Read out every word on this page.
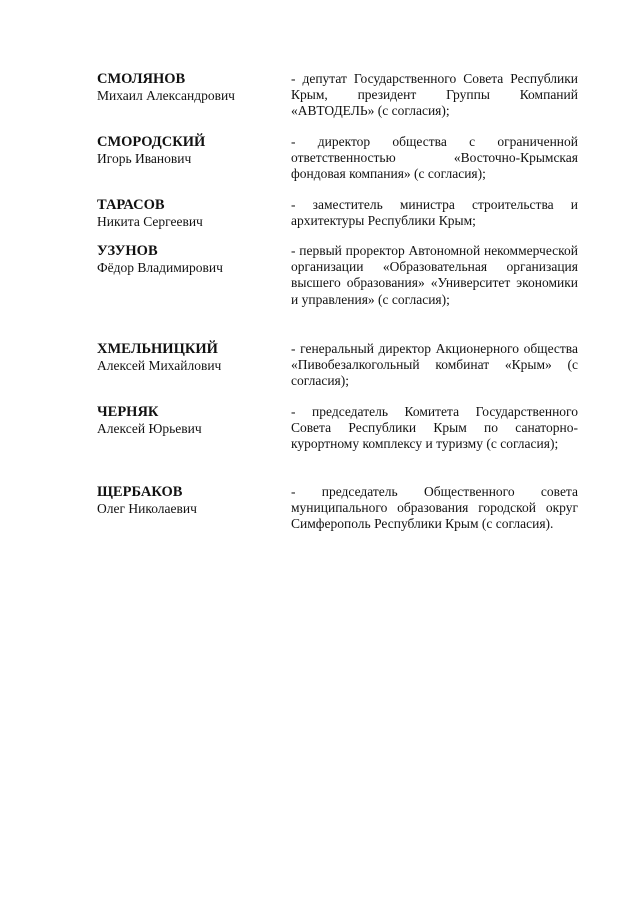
СМОЛЯНОВ
Михаил Александрович
- депутат Государственного Совета Республики Крым, президент Группы Компаний «АВТОДЕЛЬ» (с согласия);
СМОРОДСКИЙ
Игорь Иванович
- директор общества с ограниченной ответственностью «Восточно-Крымская фондовая компания» (с согласия);
ТАРАСОВ
Никита Сергеевич
- заместитель министра строительства и архитектуры Республики Крым;
УЗУНОВ
Фёдор Владимирович
- первый проректор Автономной некоммерческой организации «Образовательная организация высшего образования» «Университет экономики и управления» (с согласия);
ХМЕЛЬНИЦКИЙ
Алексей Михайлович
- генеральный директор Акционерного общества «Пивобезалкогольный комбинат «Крым» (с согласия);
ЧЕРНЯК
Алексей Юрьевич
- председатель Комитета Государственного Совета Республики Крым по санаторно-курортному комплексу и туризму (с согласия);
ЩЕРБАКОВ
Олег Николаевич
- председатель Общественного совета муниципального образования городской округ Симферополь Республики Крым (с согласия).
